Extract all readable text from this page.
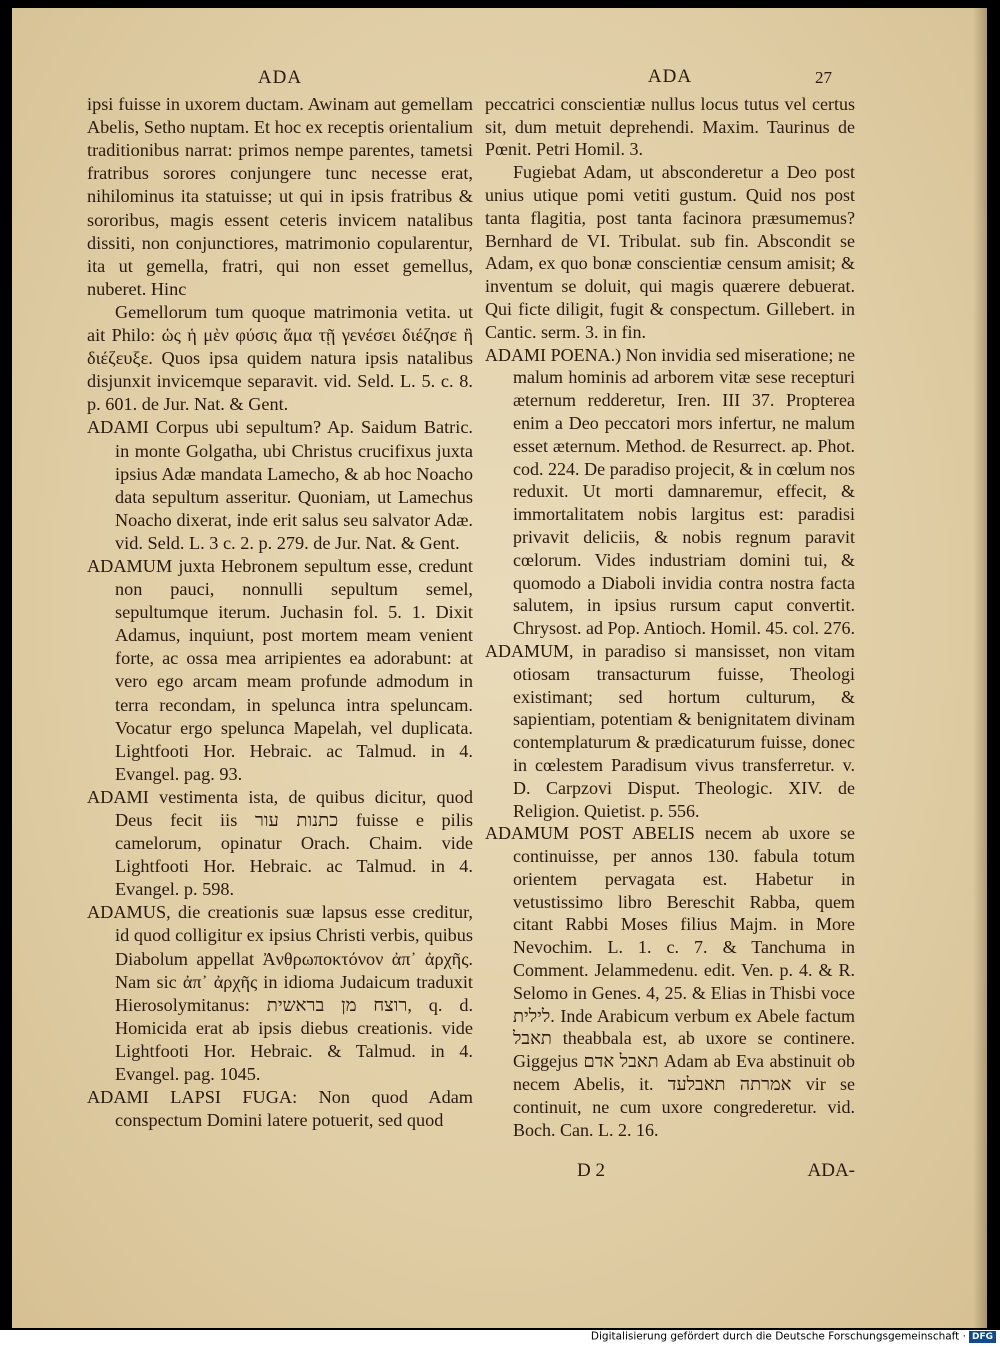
ADA

ipsi fuisse in uxorem ductam. Awinam aut gemellam Abelis, Setho nuptam. Et hoc ex receptis orientalium traditionibus narrat: primos nempe parentes, tametsi fratribus sorores conjungere tunc necesse erat, nihilominus ita statuisse; ut qui in ipsis fratribus & sororibus, magis essent ceteris invicem natalibus dissiti, non conjunctiores, matrimonio copularentur, ita ut gemella, fratri, qui non esset gemellus, nuberet. Hinc

Gemellorum tum quoque matrimonia vetita. ut ait Philo: ὡς ἡ μὲν φύσις ἅμα τῇ γενέσει διέζησε ἢ διέζευξε. Quos ipsa quidem natura ipsis natalibus disjunxit invicemque separavit. vid. Seld. L. 5. c. 8. p. 601. de Jur. Nat. & Gent.

ADAMI Corpus ubi sepultum? Ap. Saidum Batric. in monte Golgatha, ubi Christus crucifixus juxta ipsius Adæ mandata Lamecho, & ab hoc Noacho data sepultum asseritur. Quoniam, ut Lamechus Noacho dixerat, inde erit salus seu salvator Adæ. vid. Seld. L. 3 c. 2. p. 279. de Jur. Nat. & Gent.

ADAMUM juxta Hebronem sepultum esse, credunt non pauci, nonnulli sepultum semel, sepultumque iterum. Juchasin fol. 5. 1. Dixit Adamus, inquiunt, post mortem meam venient forte, ac ossa mea arripientes ea adorabunt: at vero ego arcam meam profunde admodum in terra recondam, in spelunca intra speluncam. Vocatur ergo spelunca Mapelah, vel duplicata. Lightfooti Hor. Hebraic. ac Talmud. in 4. Evangel. pag. 93.

ADAMI vestimenta ista, de quibus dicitur, quod Deus fecit iis כתנות עור fuisse e pilis camelorum, opinatur Orach. Chaim. vide Lightfooti Hor. Hebraic. ac Talmud. in 4. Evangel. p. 598.

ADAMUS, die creationis suæ lapsus esse creditur, id quod colligitur ex ipsius Christi verbis, quibus Diabolum appellat Ἀνθρωποκτόνον ἀπ᾽ ἀρχῆς. Nam sic ἀπ᾽ ἀρχῆς in idioma Judaicum traduxit Hierosolymitanus: רוצח מן בראשית, q. d. Homicida erat ab ipsis diebus creationis. vide Lightfooti Hor. Hebraic. & Talmud. in 4. Evangel. pag. 1045.

ADAMI LAPSI FUGA: Non quod Adam conspectum Domini latere potuerit, sed quod

27
ADA

peccatrici conscientiæ nullus locus tutus vel certus sit, dum metuit deprehendi. Maxim. Taurinus de Pœnit. Petri Homil. 3.

Fugiebat Adam, ut absconderetur a Deo post unius utique pomi vetiti gustum. Quid nos post tanta flagitia, post tanta facinora præsumemus? Bernhard de VI. Tribulat. sub fin. Abscondit se Adam, ex quo bonæ conscientiæ censum amisit; & inventum se doluit, qui magis quærere debuerat. Qui ficte diligit, fugit & conspectum. Gillebert. in Cantic. serm. 3. in fin.

ADAMI POENA.) Non invidia sed miseratione; ne malum hominis ad arborem vitæ sese recepturi æternum redderetur, Iren. III 37. Propterea enim a Deo peccatori mors infertur, ne malum esset æternum. Method. de Resurrect. ap. Phot. cod. 224. De paradiso projecit, & in cœlum nos reduxit. Ut morti damnaremur, effecit, & immortalitatem nobis largitus est: paradisi privavit deliciis, & nobis regnum paravit cœlorum. Vides industriam domini tui, & quomodo a Diaboli invidia contra nostra facta salutem, in ipsius rursum caput convertit. Chrysost. ad Pop. Antioch. Homil. 45. col. 276.

ADAMUM, in paradiso si mansisset, non vitam otiosam transacturum fuisse, Theologi existimant; sed hortum culturum, & sapientiam, potentiam & benignitatem divinam contemplaturum & prædicaturum fuisse, donec in cœlestem Paradisum vivus transferretur. v. D. Carpzovi Disput. Theologic. XIV. de Religion. Quietist. p. 556.

ADAMUM POST ABELIS necem ab uxore se continuisse, per annos 130. fabula totum orientem pervagata est. Habetur in vetustissimo libro Bereschit Rabba, quem citant Rabbi Moses filius Majm. in More Nevochim. L. 1. c. 7. & Tanchuma in Comment. Jelammedenu. edit. Ven. p. 4. & R. Selomo in Genes. 4, 25. & Elias in Thisbi voce לילית. Inde Arabicum verbum ex Abele factum תאבל theabbala est, ab uxore se continere. Giggejus תאבל אדם Adam ab Eva abstinuit ob necem Abelis, it. אמרתה תאבלעד vir se continuit, ne cum uxore congrederetur. vid. Boch. Can. L. 2. 16.

D 2	ADA-
Digitalisierung gefördert durch die Deutsche Forschungsgemeinschaft · DFG
